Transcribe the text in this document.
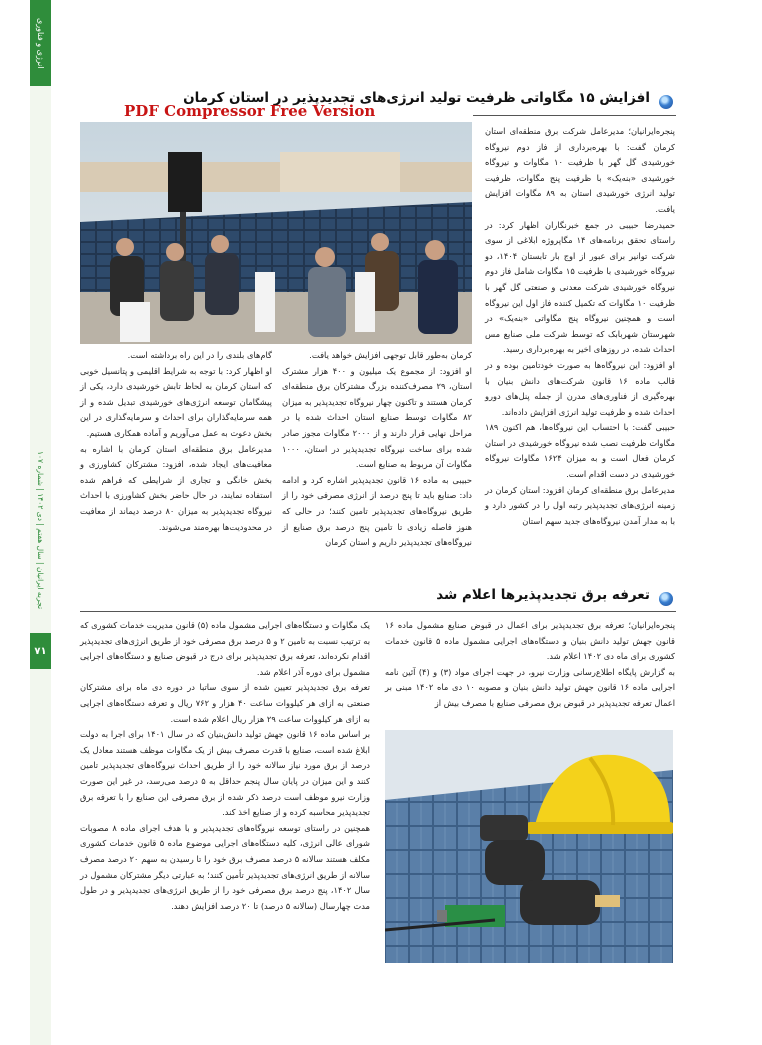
انرژی و فناوری
تجربه ایرانیان | سال هفتم | دی ۱۴۰۲ | شماره ۱۰۷
۷۱
افزایش ۱۵ مگاواتی ظرفیت تولید انرژی‌های تجدیدپذیر در استان کرمان
PDF Compressor Free Version

پنجره‌ایرانیان؛ مدیرعامل شرکت برق منطقه‌ای استان کرمان گفت: با بهره‌برداری از فاز دوم نیروگاه خورشیدی گل گهر با ظرفیت ۱۰ مگاوات و نیروگاه خورشیدی «بنه‌یک» با ظرفیت پنج مگاوات، ظرفیت تولید انرژی خورشیدی استان به ۸۹ مگاوات افزایش یافت.

حمیدرضا حبیبی در جمع خبرنگاران اظهار کرد: در راستای تحقق برنامه‌های ۱۴ مگاپروژه ابلاغی از سوی شرکت توانیر برای عبور از اوج بار تابستان ۱۴۰۴، دو نیروگاه خورشیدی با ظرفیت ۱۵ مگاوات شامل فاز دوم نیروگاه خورشیدی شرکت معدنی و صنعتی گل گهر با ظرفیت ۱۰ مگاوات که تکمیل کننده فاز اول این نیروگاه است و همچنین نیروگاه پنج مگاواتی «بنه‌یک» در شهرستان شهربابک که توسط شرکت ملی صنایع مس احداث شده، در روزهای اخیر به بهره‌برداری رسید.

او افزود: این نیروگاه‌ها به صورت خودتامین بوده و در قالب ماده ۱۶ قانون شرکت‌های دانش بنیان با بهره‌گیری از فناوری‌های مدرن از جمله پنل‌های دورو احداث شده و ظرفیت تولید انرژی افزایش داده‌اند.

حبیبی گفت: با احتساب این نیروگاه‌ها، هم اکنون ۱۸۹ مگاوات ظرفیت نصب شده نیروگاه خورشیدی در استان کرمان فعال است و به میزان ۱۶۲۴ مگاوات نیروگاه خورشیدی در دست اقدام است.

مدیرعامل برق منطقه‌ای کرمان افزود: استان کرمان در زمینه انرژی‌های تجدیدپذیر رتبه اول را در کشور دارد و با به مدار آمدن نیروگاه‌های جدید سهم استان

کرمان به‌طور قابل توجهی افزایش خواهد یافت.

او افزود: از مجموع یک میلیون و ۴۰۰ هزار مشترک استان، ۲۹ مصرف‌کننده بزرگ مشترکان برق منطقه‌ای کرمان هستند و تاکنون چهار نیروگاه تجدیدپذیر به میزان ۸۲ مگاوات توسط صنایع استان احداث شده یا در مراحل نهایی قرار دارند و از ۲۰۰۰ مگاوات مجوز صادر شده برای ساخت نیروگاه تجدیدپذیر در استان، ۱۰۰۰ مگاوات آن مربوط به صنایع است.

حبیبی به ماده ۱۶ قانون تجدیدپذیر اشاره کرد و ادامه داد: صنایع باید تا پنج درصد از انرژی مصرفی خود را از طریق نیروگاه‌های تجدیدپذیر تامین کنند؛ در حالی که هنوز فاصله زیادی تا تامین پنج درصد برق صنایع از نیروگاه‌های تجدیدپذیر داریم و استان کرمان

گام‌های بلندی را در این راه برداشته است.

او اظهار کرد: با توجه به شرایط اقلیمی و پتانسیل خوبی که استان کرمان به لحاظ تابش خورشیدی دارد، یکی از پیشگامان توسعه انرژی‌های خورشیدی تبدیل شده و از همه سرمایه‌گذاران برای احداث و سرمایه‌گذاری در این بخش دعوت به عمل می‌آوریم و آماده همکاری هستیم.

مدیرعامل برق منطقه‌ای استان کرمان با اشاره به معافیت‌های ایجاد شده، افزود: مشترکان کشاورزی و بخش خانگی و تجاری از شرایطی که فراهم شده استفاده نمایند، در حال حاضر بخش کشاورزی با احداث نیروگاه تجدیدپذیر به میزان ۸۰ درصد دیماند از معافیت در محدودیت‌ها بهره‌مند می‌شوند.

تعرفه برق تجدیدپذیرها اعلام شد

پنجره‌ایرانیان؛ تعرفه برق تجدیدپذیر برای اعمال در قبوض صنایع مشمول ماده ۱۶ قانون جهش تولید دانش بنیان و دستگاه‌های اجرایی مشمول ماده ۵ قانون خدمات کشوری برای ماه دی ۱۴۰۲ اعلام شد.

به گزارش پایگاه اطلاع‌رسانی وزارت نیرو، در جهت اجرای مواد (۳) و (۴) آئین نامه اجرایی ماده ۱۶ قانون جهش تولید دانش بنیان و مصوبه ۱۰ دی ماه ۱۴۰۲ مبنی بر اعمال تعرفه تجدیدپذیر در قبوض برق مصرفی صنایع با مصرف بیش از

یک مگاوات و دستگاه‌های اجرایی مشمول ماده (۵) قانون مدیریت خدمات کشوری که به ترتیب نسبت به تامین ۲ و ۵ درصد برق مصرفی خود از طریق انرژی‌های تجدیدپذیر اقدام نکرده‌اند، تعرفه برق تجدیدپذیر برای درج در قبوض صنایع و دستگاه‌های اجرایی مشمول برای دوره آذر اعلام شد.

تعرفه برق تجدیدپذیر تعیین شده از سوی ساتبا در دوره دی ماه برای مشترکان صنعتی به ازای هر کیلووات ساعت ۴۰ هزار و ۷۶۲ ریال و تعرفه دستگاه‌های اجرایی به ازای هر کیلووات ساعت ۲۹ هزار ریال اعلام شده است.

بر اساس ماده ۱۶ قانون جهش تولید دانش‌بنیان که در سال ۱۴۰۱ برای اجرا به دولت ابلاغ شده است، صنایع با قدرت مصرف بیش از یک مگاوات موظف هستند معادل یک درصد از برق مورد نیاز سالانه خود را از طریق احداث نیروگاه‌های تجدیدپذیر تامین کنند و این میزان در پایان سال پنجم حداقل به ۵ درصد می‌رسد، در غیر این صورت وزارت نیرو موظف است درصد ذکر شده از برق مصرفی این صنایع را با تعرفه برق تجدیدپذیر محاسبه کرده و از صنایع اخذ کند.

همچنین در راستای توسعه نیروگاه‌های تجدیدپذیر و با هدف اجرای ماده ۸ مصوبات شورای عالی انرژی، کلیه دستگاه‌های اجرایی موضوع ماده ۵ قانون خدمات کشوری مکلف هستند سالانه ۵ درصد مصرف برق خود را تا رسیدن به سهم ۲۰ درصد مصرف سالانه از طریق انرژی‌های تجدیدپذیر تأمین کنند؛ به عبارتی دیگر مشترکان مشمول در سال ۱۴۰۲، پنج درصد برق مصرفی خود را از طریق انرژی‌های تجدیدپذیر و در طول مدت چهارسال (سالانه ۵ درصد) تا ۲۰ درصد افزایش دهند.
